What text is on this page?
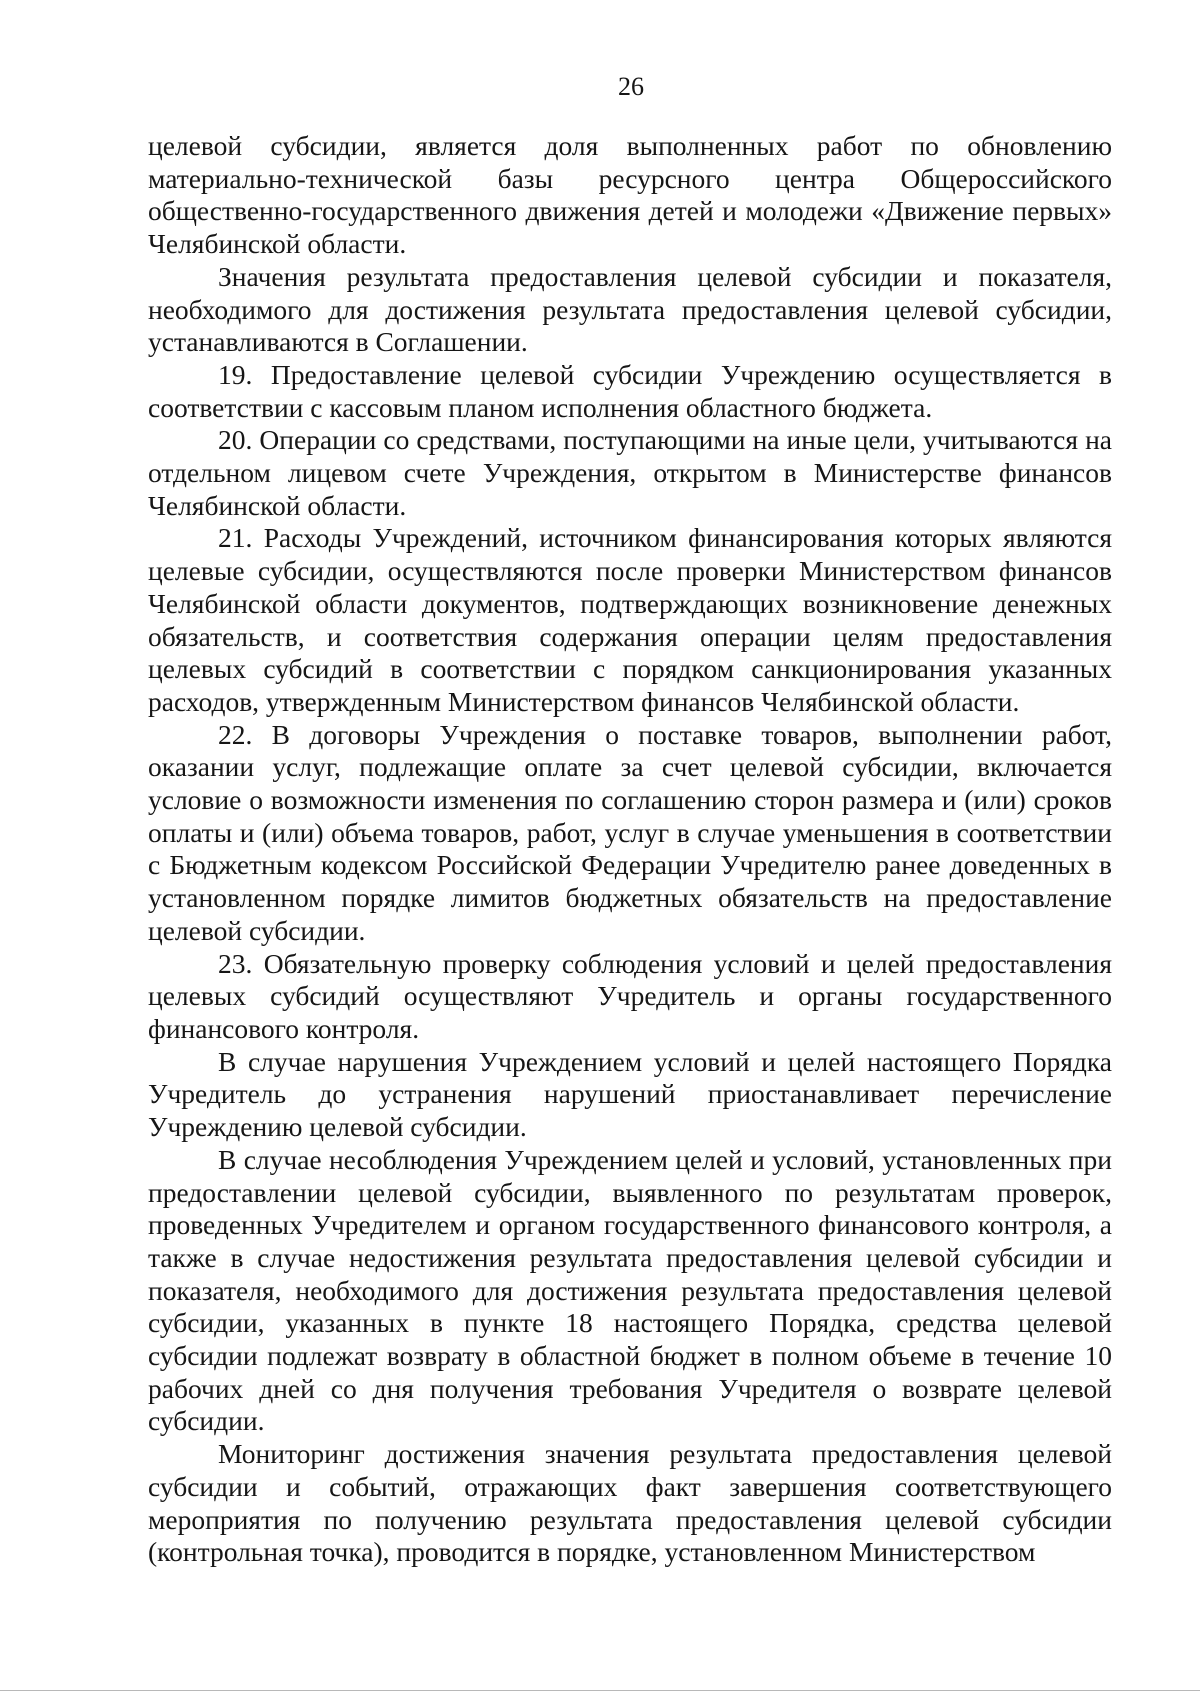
26

целевой субсидии, является доля выполненных работ по обновлению материально-технической базы ресурсного центра Общероссийского общественно-государственного движения детей и молодежи «Движение первых» Челябинской области.

Значения результата предоставления целевой субсидии и показателя, необходимого для достижения результата предоставления целевой субсидии, устанавливаются в Соглашении.

19. Предоставление целевой субсидии Учреждению осуществляется в соответствии с кассовым планом исполнения областного бюджета.

20. Операции со средствами, поступающими на иные цели, учитываются на отдельном лицевом счете Учреждения, открытом в Министерстве финансов Челябинской области.

21. Расходы Учреждений, источником финансирования которых являются целевые субсидии, осуществляются после проверки Министерством финансов Челябинской области документов, подтверждающих возникновение денежных обязательств, и соответствия содержания операции целям предоставления целевых субсидий в соответствии с порядком санкционирования указанных расходов, утвержденным Министерством финансов Челябинской области.

22. В договоры Учреждения о поставке товаров, выполнении работ, оказании услуг, подлежащие оплате за счет целевой субсидии, включается условие о возможности изменения по соглашению сторон размера и (или) сроков оплаты и (или) объема товаров, работ, услуг в случае уменьшения в соответствии с Бюджетным кодексом Российской Федерации Учредителю ранее доведенных в установленном порядке лимитов бюджетных обязательств на предоставление целевой субсидии.

23. Обязательную проверку соблюдения условий и целей предоставления целевых субсидий осуществляют Учредитель и органы государственного финансового контроля.

В случае нарушения Учреждением условий и целей настоящего Порядка Учредитель до устранения нарушений приостанавливает перечисление Учреждению целевой субсидии.

В случае несоблюдения Учреждением целей и условий, установленных при предоставлении целевой субсидии, выявленного по результатам проверок, проведенных Учредителем и органом государственного финансового контроля, а также в случае недостижения результата предоставления целевой субсидии и показателя, необходимого для достижения результата предоставления целевой субсидии, указанных в пункте 18 настоящего Порядка, средства целевой субсидии подлежат возврату в областной бюджет в полном объеме в течение 10 рабочих дней со дня получения требования Учредителя о возврате целевой субсидии.

Мониторинг достижения значения результата предоставления целевой субсидии и событий, отражающих факт завершения соответствующего мероприятия по получению результата предоставления целевой субсидии (контрольная точка), проводится в порядке, установленном Министерством
